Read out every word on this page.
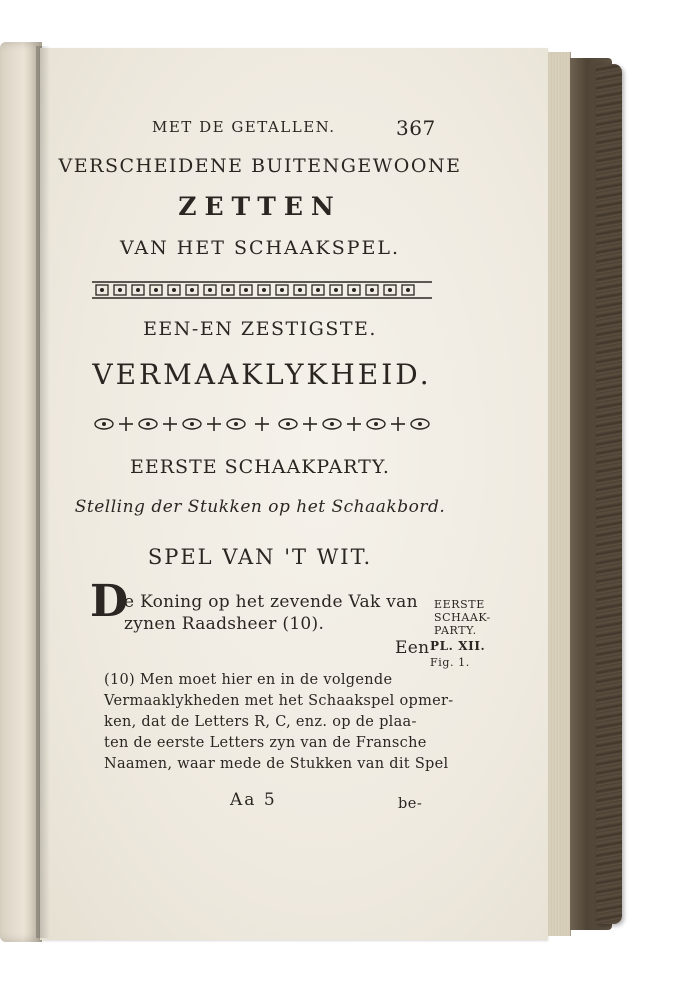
MET DE GETALLEN.	367
VERSCHEIDENE BUITENGEWOONE
ZETTEN
VAN HET SCHAAKSPEL.
EEN-EN ZESTIGSTE.
VERMAAKLYKHEID.
EERSTE SCHAAKPARTY.
Stelling der Stukken op het Schaakbord.
SPEL VAN 'T WIT.
D
e Koning op het zevende Vak van
zynen Raadsheer (10).
Een
EERSTE
SCHAAK-
PARTY.
PL. XII.
Fig. 1.
(10) Men moet hier en in de volgende
Vermaaklykheden met het Schaakspel opmer-
ken, dat de Letters R, C, enz. op de plaa-
ten de eerste Letters zyn van de Fransche
Naamen, waar mede de Stukken van dit Spel
Aa 5	be-
